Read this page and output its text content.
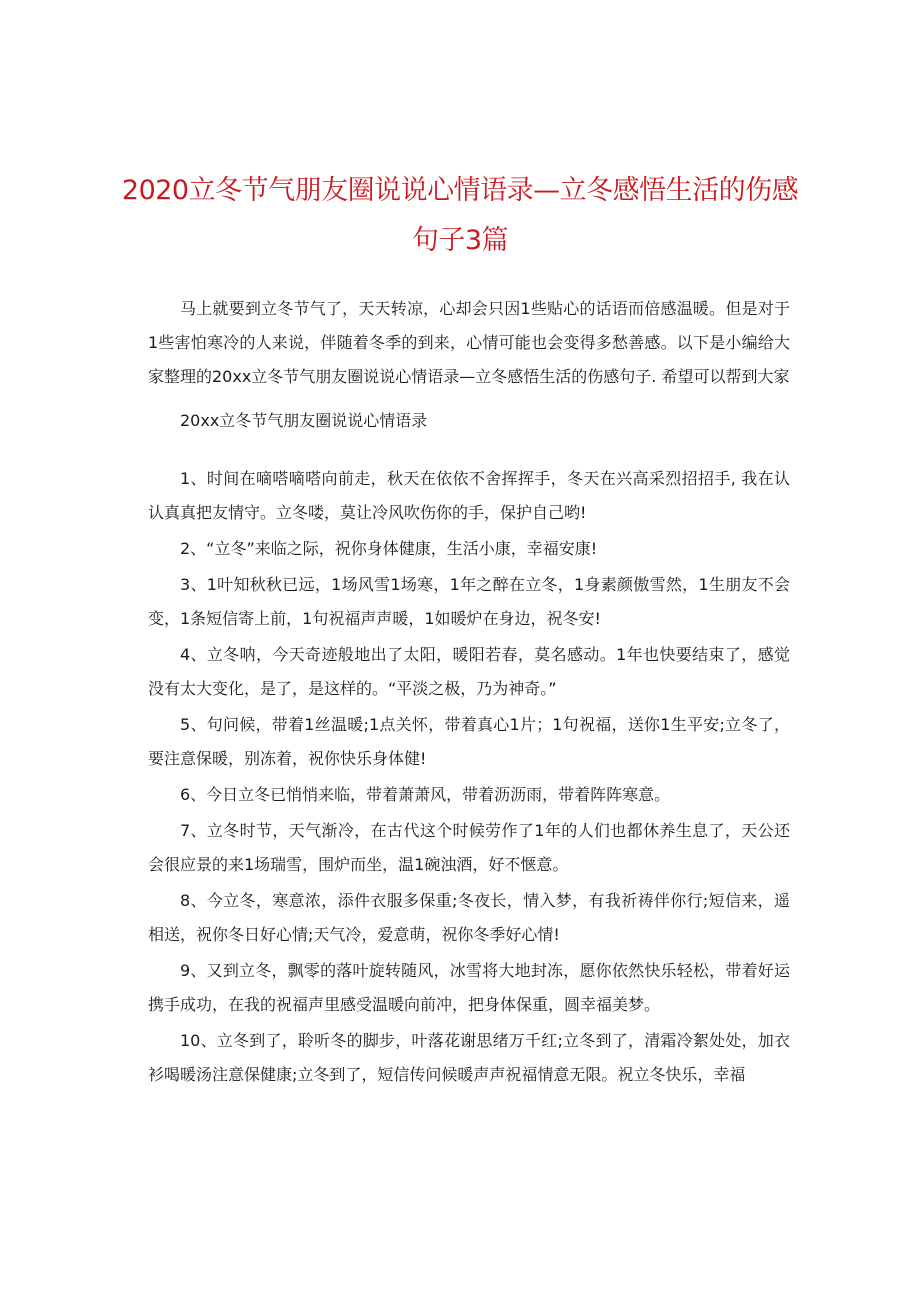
2020立冬节气朋友圈说说心情语录—立冬感悟生活的伤感句子3篇

马上就要到立冬节气了，天天转凉，心却会只因1些贴心的话语而倍感温暖。但是对于1些害怕寒冷的人来说，伴随着冬季的到来，心情可能也会变得多愁善感。以下是小编给大家整理的20xx立冬节气朋友圈说说心情语录—立冬感悟生活的伤感句子. 希望可以帮到大家

20xx立冬节气朋友圈说说心情语录

1、时间在嘀嗒嘀嗒向前走，秋天在依依不舍挥挥手，冬天在兴高采烈招招手, 我在认认真真把友情守。立冬喽，莫让冷风吹伤你的手，保护自己哟!

2、“立冬”来临之际，祝你身体健康，生活小康，幸福安康!

3、1叶知秋秋已远，1场风雪1场寒，1年之醉在立冬，1身素颜傲雪然，1生朋友不会变，1条短信寄上前，1句祝福声声暖，1如暖炉在身边，祝冬安!

4、立冬呐，今天奇迹般地出了太阳，暖阳若春，莫名感动。1年也快要结束了，感觉没有太大变化，是了，是这样的。“平淡之极，乃为神奇。”

5、句问候，带着1丝温暖;1点关怀，带着真心1片；1句祝福，送你1生平安;立冬了，要注意保暖，别冻着，祝你快乐身体健!

6、今日立冬已悄悄来临，带着萧萧风，带着沥沥雨，带着阵阵寒意。

7、立冬时节，天气渐冷，在古代这个时候劳作了1年的人们也都休养生息了，天公还会很应景的来1场瑞雪，围炉而坐，温1碗浊酒，好不惬意。

8、今立冬，寒意浓，添件衣服多保重;冬夜长，情入梦，有我祈祷伴你行;短信来，遥相送，祝你冬日好心情;天气冷，爱意萌，祝你冬季好心情!

9、又到立冬，飘零的落叶旋转随风，冰雪将大地封冻，愿你依然快乐轻松，带着好运携手成功，在我的祝福声里感受温暖向前冲，把身体保重，圆幸福美梦。

10、立冬到了，聆听冬的脚步，叶落花谢思绪万千红;立冬到了，清霜冷絮处处，加衣衫喝暖汤注意保健康;立冬到了，短信传问候暖声声祝福情意无限。祝立冬快乐，幸福
